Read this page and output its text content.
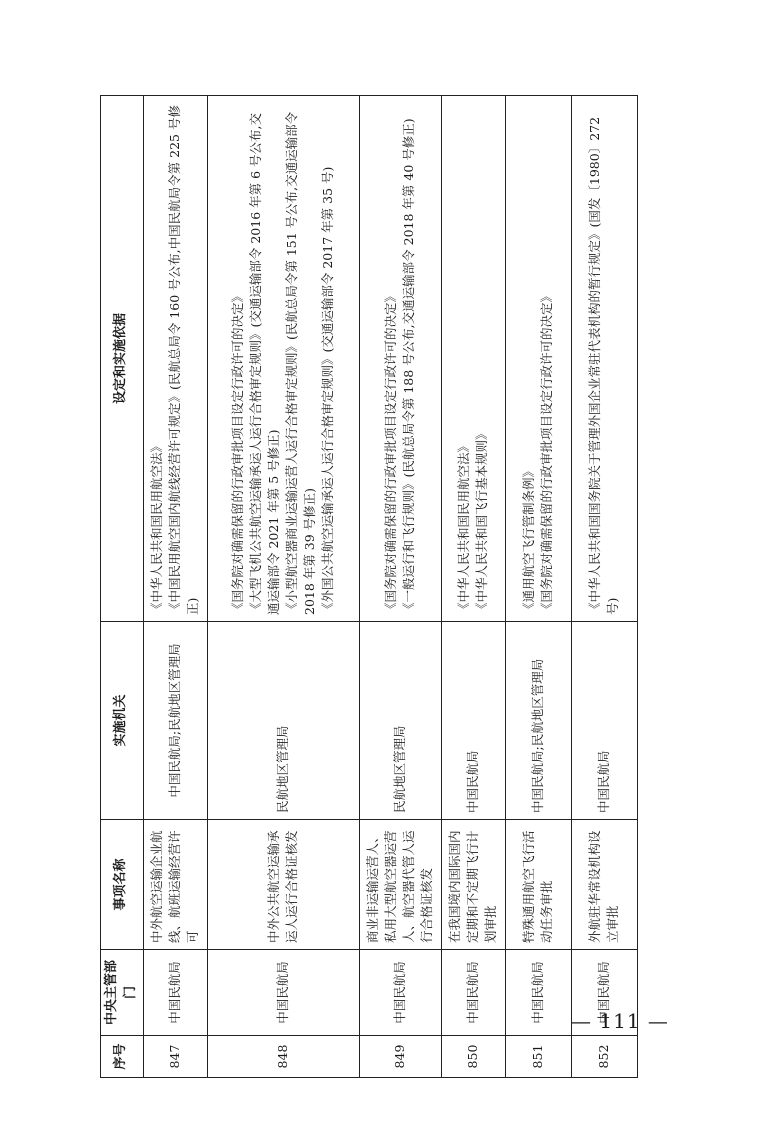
序号	中央主管部门	事项名称	实施机关	设定和实施依据
847	中国民航局	中外航空运输企业航线、航班运输经营许可	中国民航局;民航地区管理局	《中华人民共和国民用航空法》 《中国民用航空国内航线经营许可规定》(民航总局令 160 号公布,中国民航局令第 225 号修正)

848	中国民航局	中外公共航空运输承运人运行合格证核发	民航地区管理局	《国务院对确需保留的行政审批项目设定行政许可的决定》 《大型飞机公共航空运输承运人运行合格审定规则》(交通运输部令 2016 年第 6 号公布,交通运输部令 2021 年第 5 号修正) 《小型航空器商业运输运营人运行合格审定规则》(民航总局令第 151 号公布,交通运输部令 2018 年第 39 号修正) 《外国公共航空运输承运人运行合格审定规则》(交通运输部令 2017 年第 35 号)

849	中国民航局	商业非运输运营人、私用大型航空器运营人、航空器代管人运行合格证核发	民航地区管理局	《国务院对确需保留的行政审批项目设定行政许可的决定》 《一般运行和飞行规则》(民航总局令第 188 号公布,交通运输部令 2018 年第 40 号修正)

850	中国民航局	在我国境内国际国内定期和不定期飞行计划审批	中国民航局	《中华人民共和国民用航空法》 《中华人民共和国飞行基本规则》

851	中国民航局	特殊通用航空飞行活动任务审批	中国民航局;民航地区管理局	《通用航空飞行管制条例》 《国务院对确需保留的行政审批项目设定行政许可的决定》

852	中国民航局	外航驻华常设机构设立审批	中国民航局	《中华人民共和国国务院关于管理外国企业常驻代表机构的暂行规定》(国发〔1980〕272 号)
— 111 —
